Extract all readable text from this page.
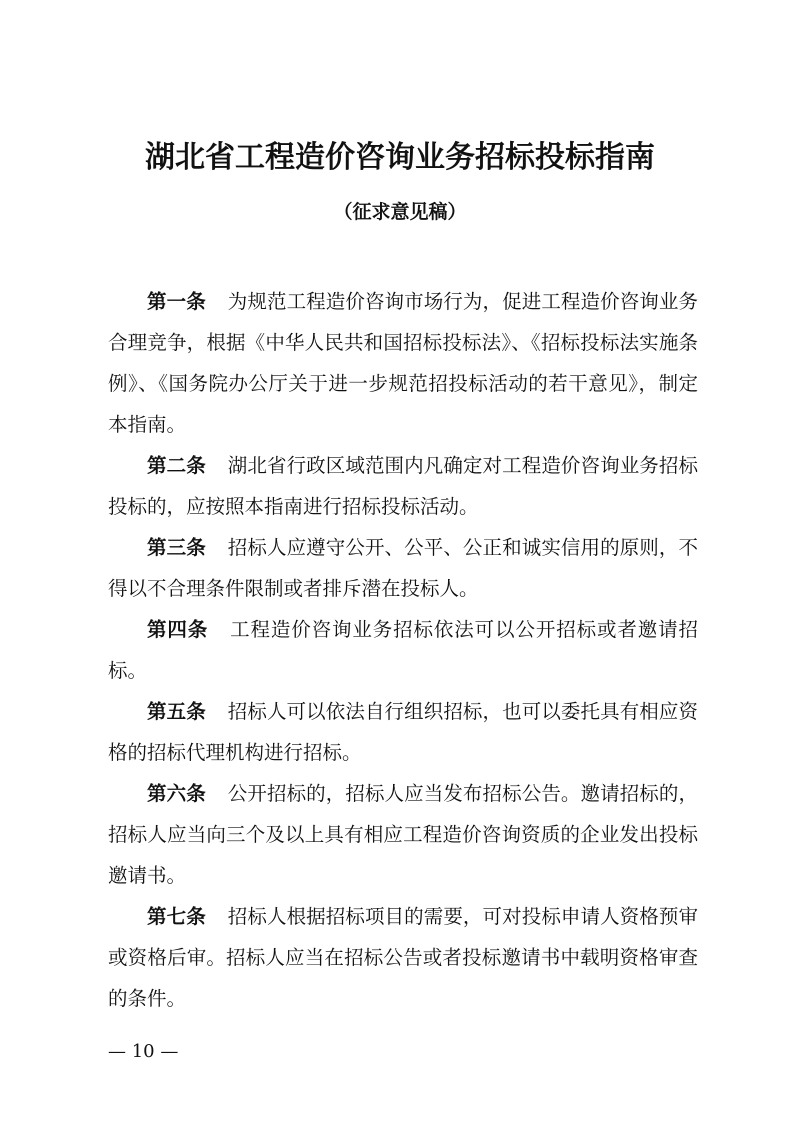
湖北省工程造价咨询业务招标投标指南
（征求意见稿）

第一条 为规范工程造价咨询市场行为，促进工程造价咨询业务合理竞争，根据《中华人民共和国招标投标法》、《招标投标法实施条例》、《国务院办公厅关于进一步规范招投标活动的若干意见》，制定本指南。

第二条 湖北省行政区域范围内凡确定对工程造价咨询业务招标投标的，应按照本指南进行招标投标活动。

第三条 招标人应遵守公开、公平、公正和诚实信用的原则，不得以不合理条件限制或者排斥潜在投标人。

第四条 工程造价咨询业务招标依法可以公开招标或者邀请招标。

第五条 招标人可以依法自行组织招标，也可以委托具有相应资格的招标代理机构进行招标。

第六条 公开招标的，招标人应当发布招标公告。邀请招标的，招标人应当向三个及以上具有相应工程造价咨询资质的企业发出投标邀请书。

第七条 招标人根据招标项目的需要，可对投标申请人资格预审或资格后审。招标人应当在招标公告或者投标邀请书中载明资格审查的条件。

— 10 —
